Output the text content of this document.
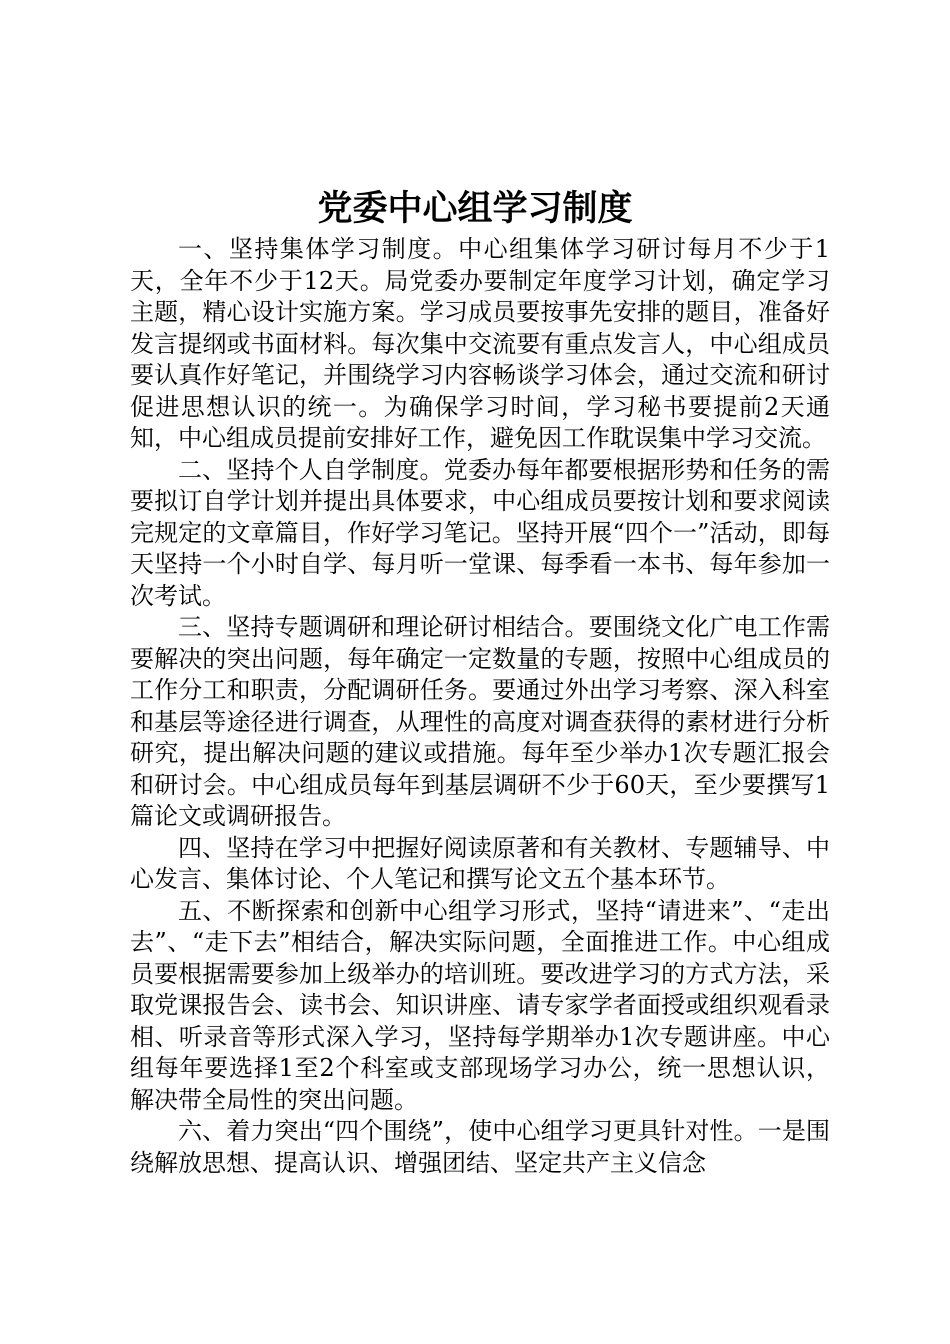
党委中心组学习制度

一、坚持集体学习制度。中心组集体学习研讨每月不少于1天，全年不少于12天。局党委办要制定年度学习计划，确定学习主题，精心设计实施方案。学习成员要按事先安排的题目，准备好发言提纲或书面材料。每次集中交流要有重点发言人，中心组成员要认真作好笔记，并围绕学习内容畅谈学习体会，通过交流和研讨促进思想认识的统一。为确保学习时间，学习秘书要提前2天通知，中心组成员提前安排好工作，避免因工作耽误集中学习交流。

二、坚持个人自学制度。党委办每年都要根据形势和任务的需要拟订自学计划并提出具体要求，中心组成员要按计划和要求阅读完规定的文章篇目，作好学习笔记。坚持开展“四个一”活动，即每天坚持一个小时自学、每月听一堂课、每季看一本书、每年参加一次考试。

三、坚持专题调研和理论研讨相结合。要围绕文化广电工作需要解决的突出问题，每年确定一定数量的专题，按照中心组成员的工作分工和职责，分配调研任务。要通过外出学习考察、深入科室和基层等途径进行调查，从理性的高度对调查获得的素材进行分析研究，提出解决问题的建议或措施。每年至少举办1次专题汇报会和研讨会。中心组成员每年到基层调研不少于60天，至少要撰写1篇论文或调研报告。

四、坚持在学习中把握好阅读原著和有关教材、专题辅导、中心发言、集体讨论、个人笔记和撰写论文五个基本环节。

五、不断探索和创新中心组学习形式，坚持“请进来”、“走出去”、“走下去”相结合，解决实际问题，全面推进工作。中心组成员要根据需要参加上级举办的培训班。要改进学习的方式方法，采取党课报告会、读书会、知识讲座、请专家学者面授或组织观看录相、听录音等形式深入学习，坚持每学期举办1次专题讲座。中心组每年要选择1至2个科室或支部现场学习办公，统一思想认识，解决带全局性的突出问题。

六、着力突出“四个围绕”，使中心组学习更具针对性。一是围绕解放思想、提高认识、增强团结、坚定共产主义信念
